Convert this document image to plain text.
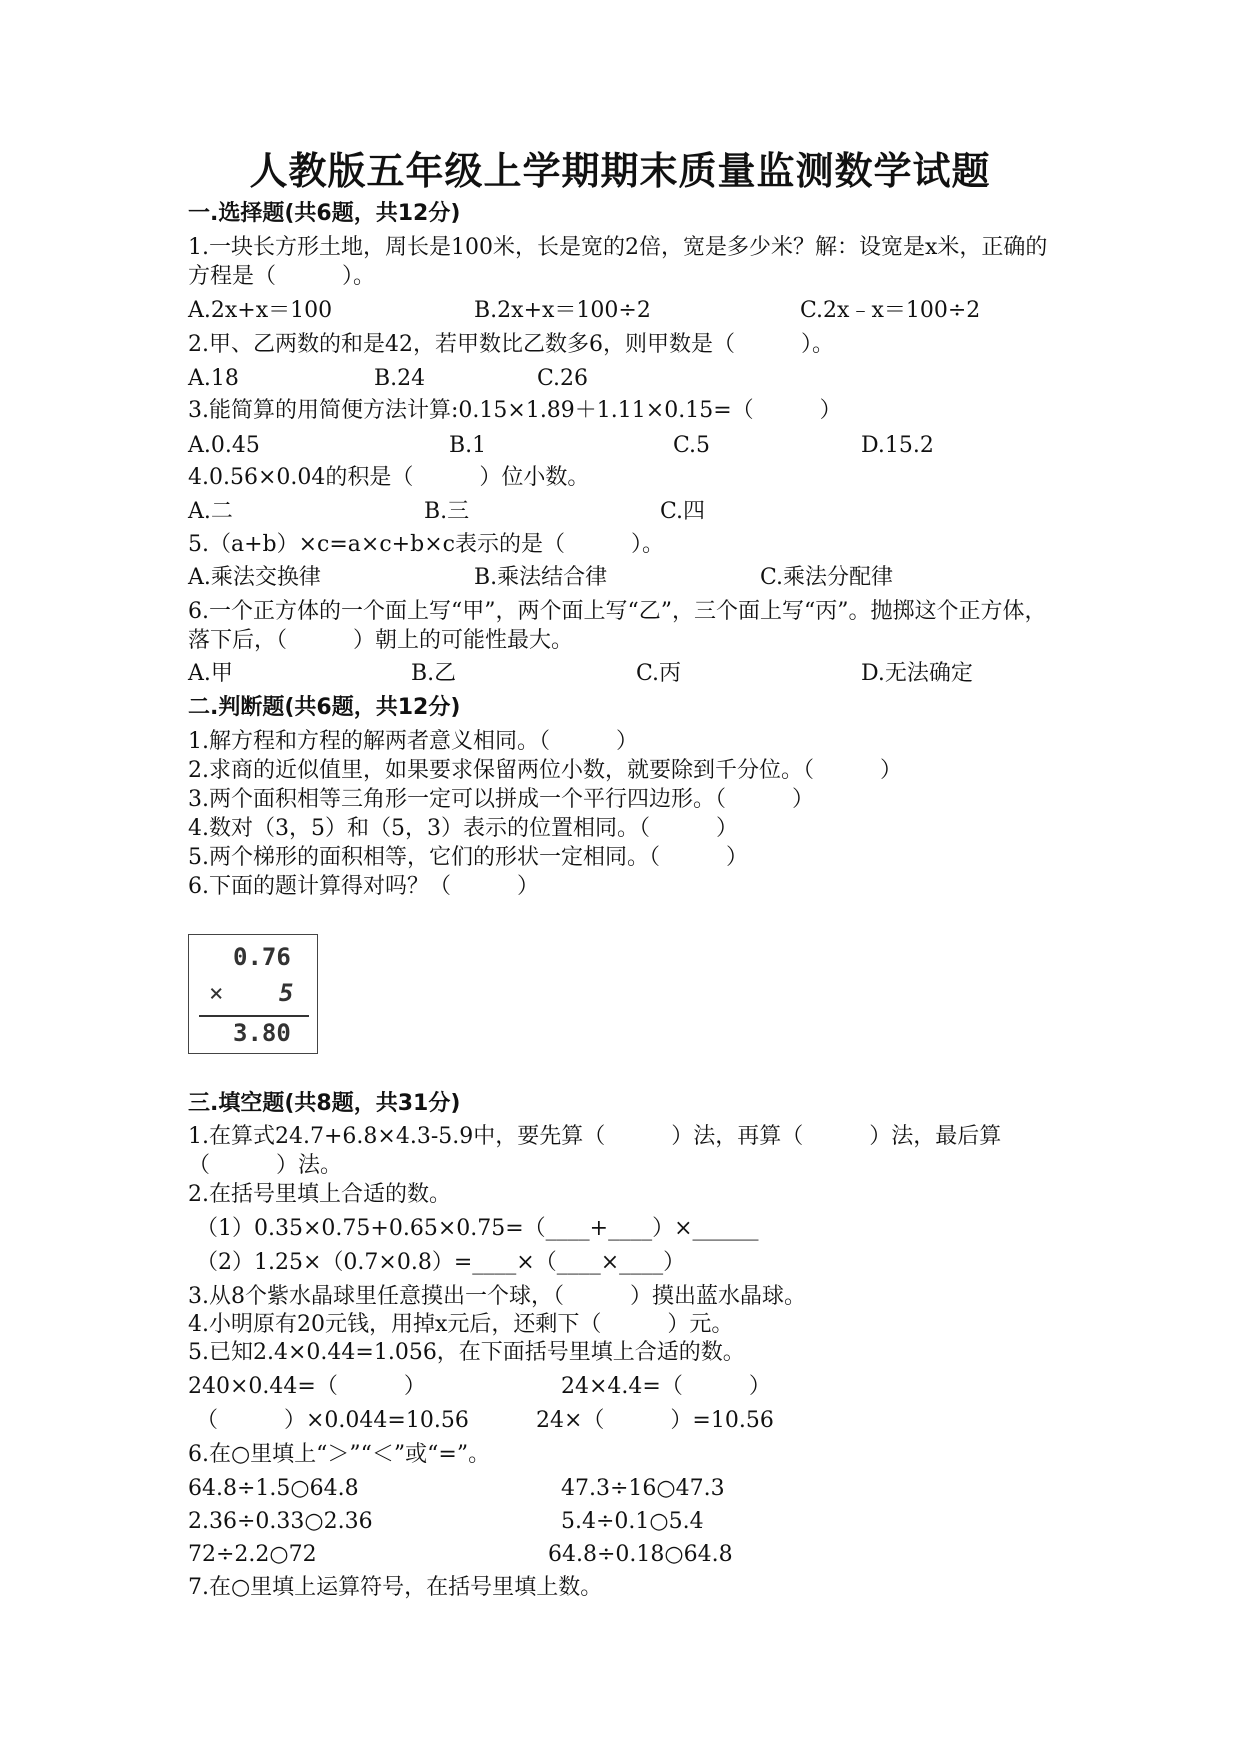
人教版五年级上学期期末质量监测数学试题
一.选择题(共6题，共12分)
1.一块长方形土地，周长是100米，长是宽的2倍，宽是多少米？解：设宽是x米，正确的方程是（　　　）。
A.2x+x＝100	B.2x+x＝100÷2	C.2x﹣x＝100÷2
2.甲、乙两数的和是42，若甲数比乙数多6，则甲数是（　　　）。
A.18	B.24	C.26
3.能简算的用简便方法计算:0.15×1.89＋1.11×0.15=（　　　）
A.0.45	B.1	C.5	D.15.2
4.0.56×0.04的积是（　　　）位小数。
A.二	B.三	C.四
5.（a+b）×c=a×c+b×c表示的是（　　　）。
A.乘法交换律	B.乘法结合律	C.乘法分配律
6.一个正方体的一个面上写“甲”，两个面上写“乙”，三个面上写“丙”。抛掷这个正方体，落下后，（　　　）朝上的可能性最大。
A.甲	B.乙	C.丙	D.无法确定
二.判断题(共6题，共12分)
1.解方程和方程的解两者意义相同。（　　　）
2.求商的近似值里，如果要求保留两位小数，就要除到千分位。（　　　）
3.两个面积相等三角形一定可以拼成一个平行四边形。（　　　）
4.数对（3，5）和（5，3）表示的位置相同。（　　　）
5.两个梯形的面积相等，它们的形状一定相同。（　　　）
6.下面的题计算得对吗？（　　　）
0.76
× 5
3.80
三.填空题(共8题，共31分)
1.在算式24.7+6.8×4.3-5.9中，要先算（　　　）法，再算（　　　）法，最后算（　　　）法。
2.在括号里填上合适的数。
（1）0.35×0.75+0.65×0.75=（____+____）×______
（2）1.25×（0.7×0.8）=____×（____×____）
3.从8个紫水晶球里任意摸出一个球，（　　　）摸出蓝水晶球。
4.小明原有20元钱，用掉x元后，还剩下（　　　）元。
5.已知2.4×0.44=1.056，在下面括号里填上合适的数。
240×0.44=（　　　）	24×4.4=（　　　）
（　　　）×0.044=10.56	24×（　　　）=10.56
6.在○里填上“＞”“＜”或“=”。
64.8÷1.5○64.8	47.3÷16○47.3
2.36÷0.33○2.36	5.4÷0.1○5.4
72÷2.2○72	64.8÷0.18○64.8
7.在○里填上运算符号，在括号里填上数。
